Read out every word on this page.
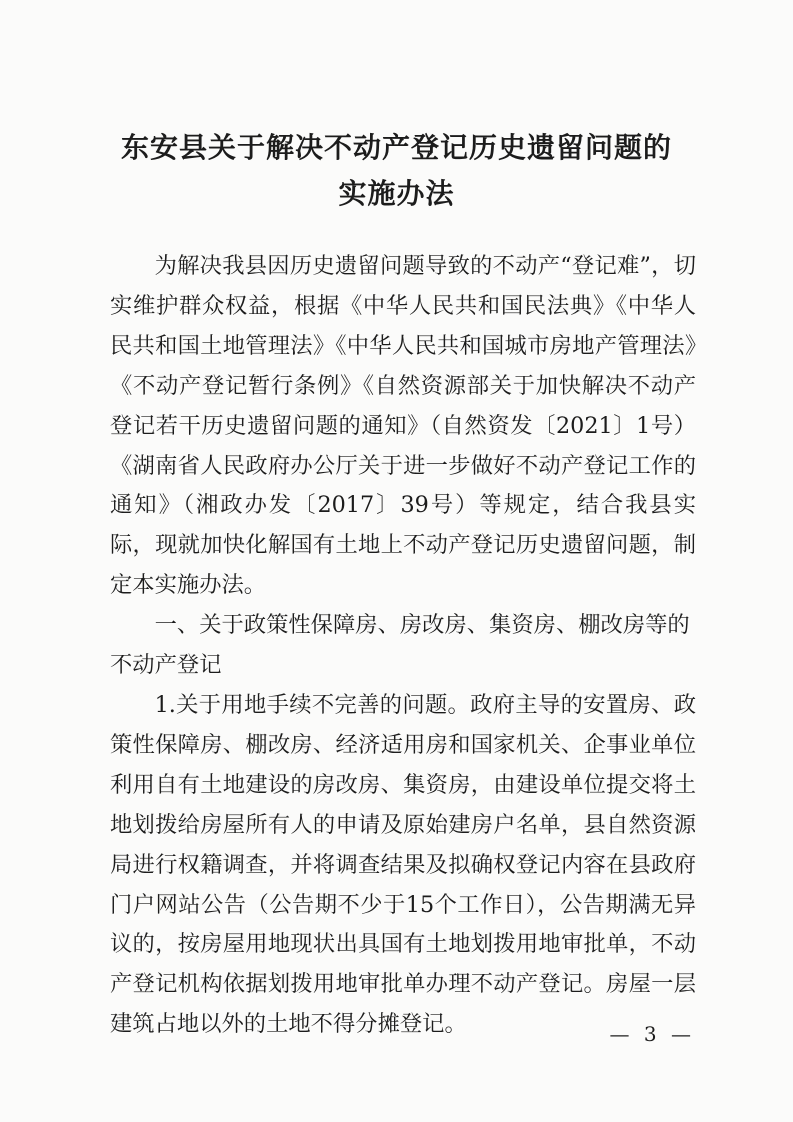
东安县关于解决不动产登记历史遗留问题的
实施办法

为解决我县因历史遗留问题导致的不动产“登记难”，切实维护群众权益，根据《中华人民共和国民法典》《中华人民共和国土地管理法》《中华人民共和国城市房地产管理法》《不动产登记暂行条例》《自然资源部关于加快解决不动产登记若干历史遗留问题的通知》（自然资发〔2021〕1号）《湖南省人民政府办公厅关于进一步做好不动产登记工作的通知》（湘政办发〔2017〕39号）等规定，结合我县实际，现就加快化解国有土地上不动产登记历史遗留问题，制定本实施办法。

一、关于政策性保障房、房改房、集资房、棚改房等的不动产登记

1.关于用地手续不完善的问题。政府主导的安置房、政策性保障房、棚改房、经济适用房和国家机关、企事业单位利用自有土地建设的房改房、集资房，由建设单位提交将土地划拨给房屋所有人的申请及原始建房户名单，县自然资源局进行权籍调查，并将调查结果及拟确权登记内容在县政府门户网站公告（公告期不少于15个工作日），公告期满无异议的，按房屋用地现状出具国有土地划拨用地审批单，不动产登记机构依据划拨用地审批单办理不动产登记。房屋一层建筑占地以外的土地不得分摊登记。	— 3 —
